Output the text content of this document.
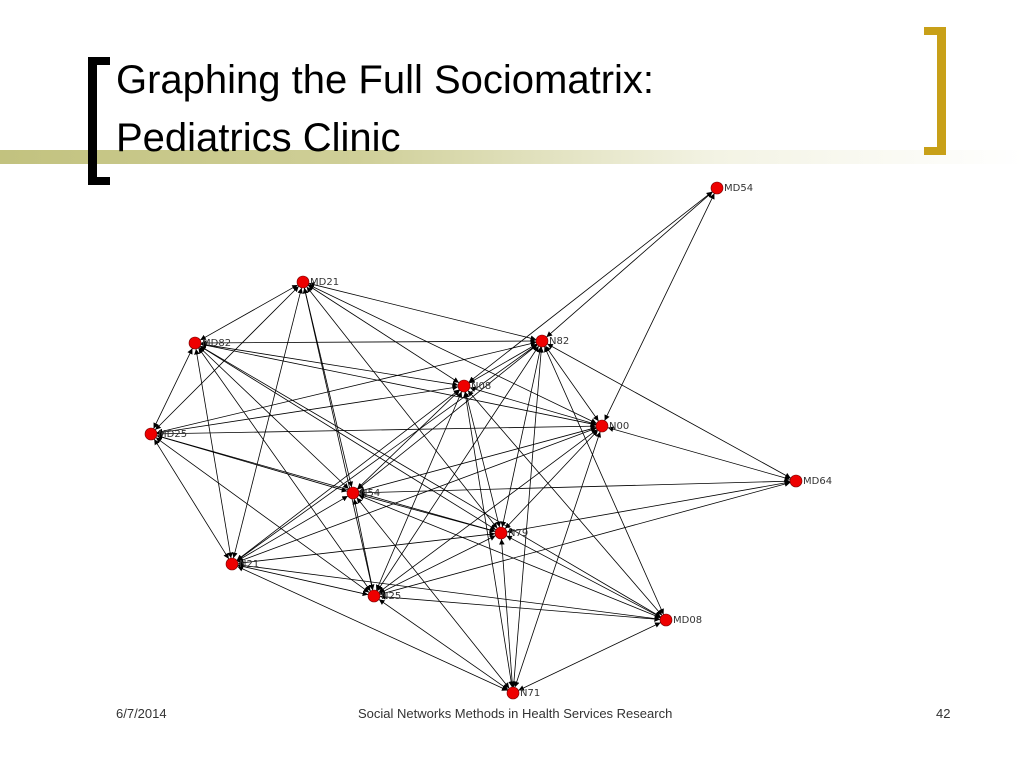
Graphing the Full Sociomatrix:
Pediatrics Clinic
MD54
MD21
MD82	N82
N08
N00
MD25
MD64
N54
N79
N21
N25
MD08
N71
6/7/2014	Social Networks Methods in Health Services Research	42
